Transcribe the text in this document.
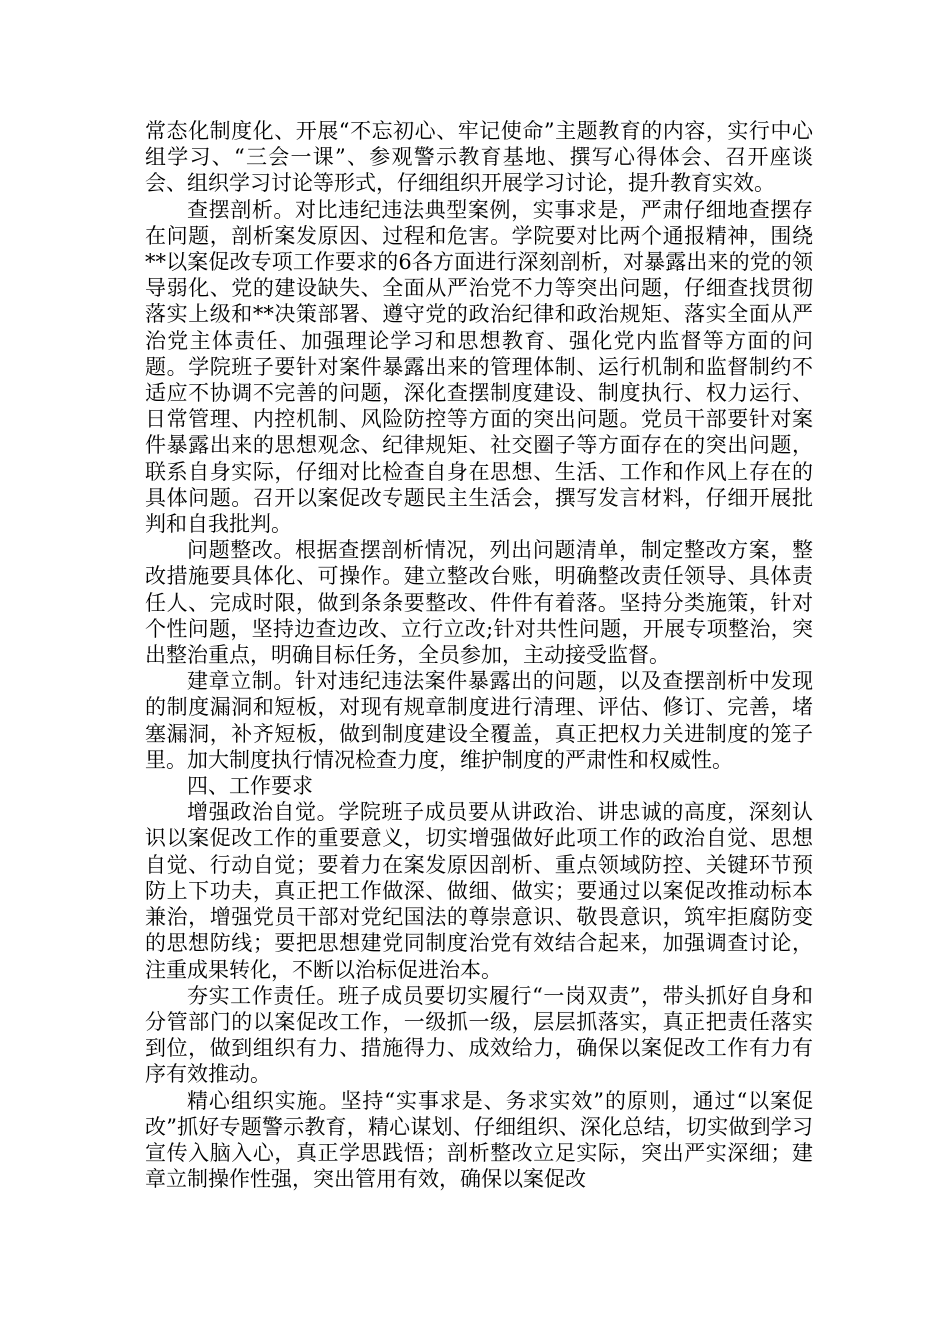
常态化制度化、开展“不忘初心、牢记使命”主题教育的内容，实行中心组学习、“三会一课”、参观警示教育基地、撰写心得体会、召开座谈会、组织学习讨论等形式，仔细组织开展学习讨论，提升教育实效。

查摆剖析。对比违纪违法典型案例，实事求是，严肃仔细地查摆存在问题，剖析案发原因、过程和危害。学院要对比两个通报精神，围绕**以案促改专项工作要求的6各方面进行深刻剖析，对暴露出来的党的领导弱化、党的建设缺失、全面从严治党不力等突出问题，仔细查找贯彻落实上级和**决策部署、遵守党的政治纪律和政治规矩、落实全面从严治党主体责任、加强理论学习和思想教育、强化党内监督等方面的问题。学院班子要针对案件暴露出来的管理体制、运行机制和监督制约不适应不协调不完善的问题，深化查摆制度建设、制度执行、权力运行、日常管理、内控机制、风险防控等方面的突出问题。党员干部要针对案件暴露出来的思想观念、纪律规矩、社交圈子等方面存在的突出问题，联系自身实际，仔细对比检查自身在思想、生活、工作和作风上存在的具体问题。召开以案促改专题民主生活会，撰写发言材料，仔细开展批判和自我批判。

问题整改。根据查摆剖析情况，列出问题清单，制定整改方案，整改措施要具体化、可操作。建立整改台账，明确整改责任领导、具体责任人、完成时限，做到条条要整改、件件有着落。坚持分类施策，针对个性问题，坚持边查边改、立行立改;针对共性问题，开展专项整治，突出整治重点，明确目标任务，全员参加，主动接受监督。

建章立制。针对违纪违法案件暴露出的问题，以及查摆剖析中发现的制度漏洞和短板，对现有规章制度进行清理、评估、修订、完善，堵塞漏洞，补齐短板，做到制度建设全覆盖，真正把权力关进制度的笼子里。加大制度执行情况检查力度，维护制度的严肃性和权威性。

四、工作要求

增强政治自觉。学院班子成员要从讲政治、讲忠诚的高度，深刻认识以案促改工作的重要意义，切实增强做好此项工作的政治自觉、思想自觉、行动自觉；要着力在案发原因剖析、重点领域防控、关键环节预防上下功夫，真正把工作做深、做细、做实；要通过以案促改推动标本兼治，增强党员干部对党纪国法的尊崇意识、敬畏意识，筑牢拒腐防变的思想防线；要把思想建党同制度治党有效结合起来，加强调查讨论，注重成果转化，不断以治标促进治本。

夯实工作责任。班子成员要切实履行“一岗双责”，带头抓好自身和分管部门的以案促改工作，一级抓一级，层层抓落实，真正把责任落实到位，做到组织有力、措施得力、成效给力，确保以案促改工作有力有序有效推动。

精心组织实施。坚持“实事求是、务求实效”的原则，通过“以案促改”抓好专题警示教育，精心谋划、仔细组织、深化总结，切实做到学习宣传入脑入心，真正学思践悟；剖析整改立足实际，突出严实深细；建章立制操作性强，突出管用有效，确保以案促改
